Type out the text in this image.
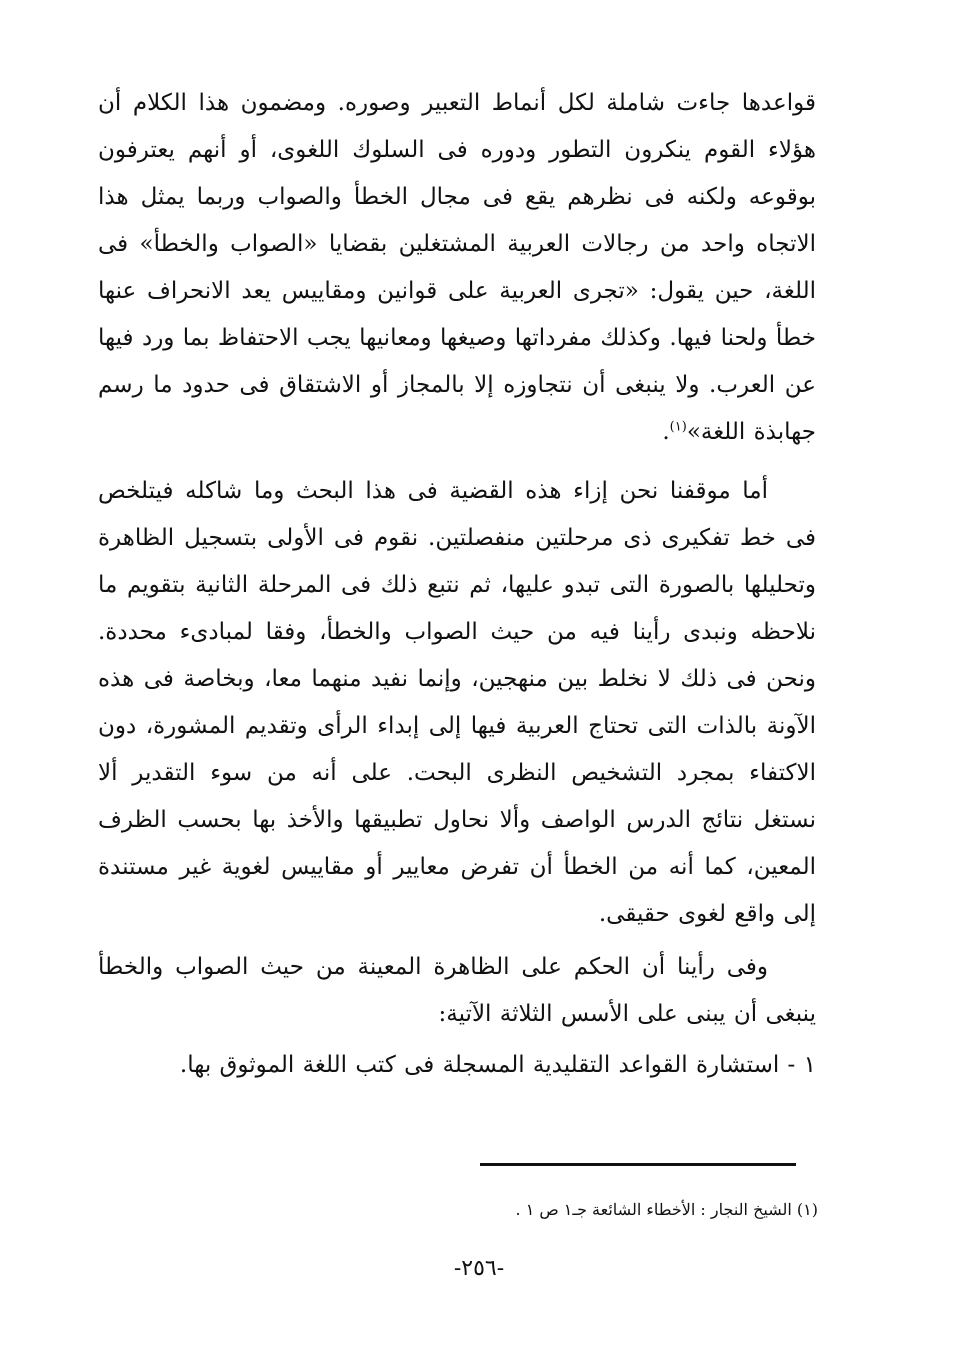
قواعدها جاءت شاملة لكل أنماط التعبير وصوره. ومضمون هذا الكلام أن هؤلاء القوم ينكرون التطور ودوره فى السلوك اللغوى، أو أنهم يعترفون بوقوعه ولكنه فى نظرهم يقع فى مجال الخطأ والصواب وربما يمثل هذا الاتجاه واحد من رجالات العربية المشتغلين بقضايا «الصواب والخطأ» فى اللغة، حين يقول: «تجرى العربية على قوانين ومقاييس يعد الانحراف عنها خطأ ولحنا فيها. وكذلك مفرداتها وصيغها ومعانيها يجب الاحتفاظ بما ورد فيها عن العرب. ولا ينبغى أن نتجاوزه إلا بالمجاز أو الاشتقاق فى حدود ما رسم جهابذة اللغة»$^{(١)}$.

أما موقفنا نحن إزاء هذه القضية فى هذا البحث وما شاكله فيتلخص فى خط تفكيرى ذى مرحلتين منفصلتين. نقوم فى الأولى بتسجيل الظاهرة وتحليلها بالصورة التى تبدو عليها، ثم نتبع ذلك فى المرحلة الثانية بتقويم ما نلاحظه ونبدى رأينا فيه من حيث الصواب والخطأ، وفقا لمبادىء محددة. ونحن فى ذلك لا نخلط بين منهجين، وإنما نفيد منهما معا، وبخاصة فى هذه الآونة بالذات التى تحتاج العربية فيها إلى إبداء الرأى وتقديم المشورة، دون الاكتفاء بمجرد التشخيص النظرى البحت. على أنه من سوء التقدير ألا نستغل نتائج الدرس الواصف وألا نحاول تطبيقها والأخذ بها بحسب الظرف المعين، كما أنه من الخطأ أن تفرض معايير أو مقاييس لغوية غير مستندة إلى واقع لغوى حقيقى.

وفى رأينا أن الحكم على الظاهرة المعينة من حيث الصواب والخطأ ينبغى أن يبنى على الأسس الثلاثة الآتية:

١ - استشارة القواعد التقليدية المسجلة فى كتب اللغة الموثوق بها.

(١) الشيخ النجار : الأخطاء الشائعة جـ١ ص ١ .
-٢٥٦-
